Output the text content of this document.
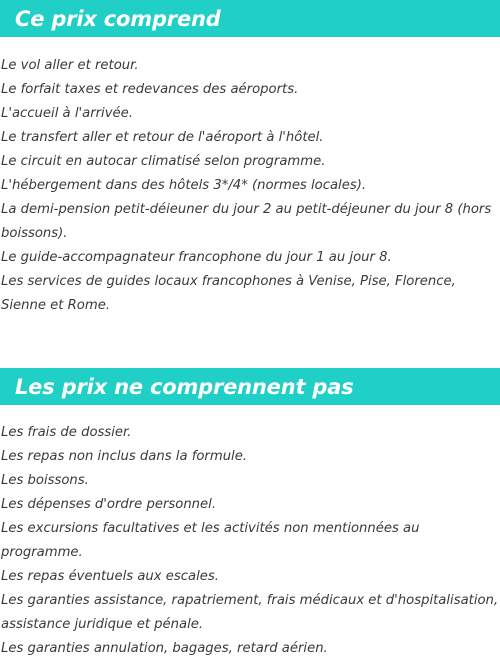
Ce prix comprend
Le vol aller et retour.
Le forfait taxes et redevances des aéroports.
L'accueil à l'arrivée.
Le transfert aller et retour de l'aéroport à l'hôtel.
Le circuit en autocar climatisé selon programme.
L'hébergement dans des hôtels 3*/4* (normes locales).
La demi-pension petit-déieuner du jour 2 au petit-déjeuner du jour 8 (hors boissons).
Le guide-accompagnateur francophone du jour 1 au jour 8.
Les services de guides locaux francophones à Venise, Pise, Florence, Sienne et Rome.
Les prix ne comprennent pas
Les frais de dossier.
Les repas non inclus dans la formule.
Les boissons.
Les dépenses d'ordre personnel.
Les excursions facultatives et les activités non mentionnées au programme.
Les repas éventuels aux escales.
Les garanties assistance, rapatriement, frais médicaux et d'hospitalisation, assistance juridique et pénale.
Les garanties annulation, bagages, retard aérien.
